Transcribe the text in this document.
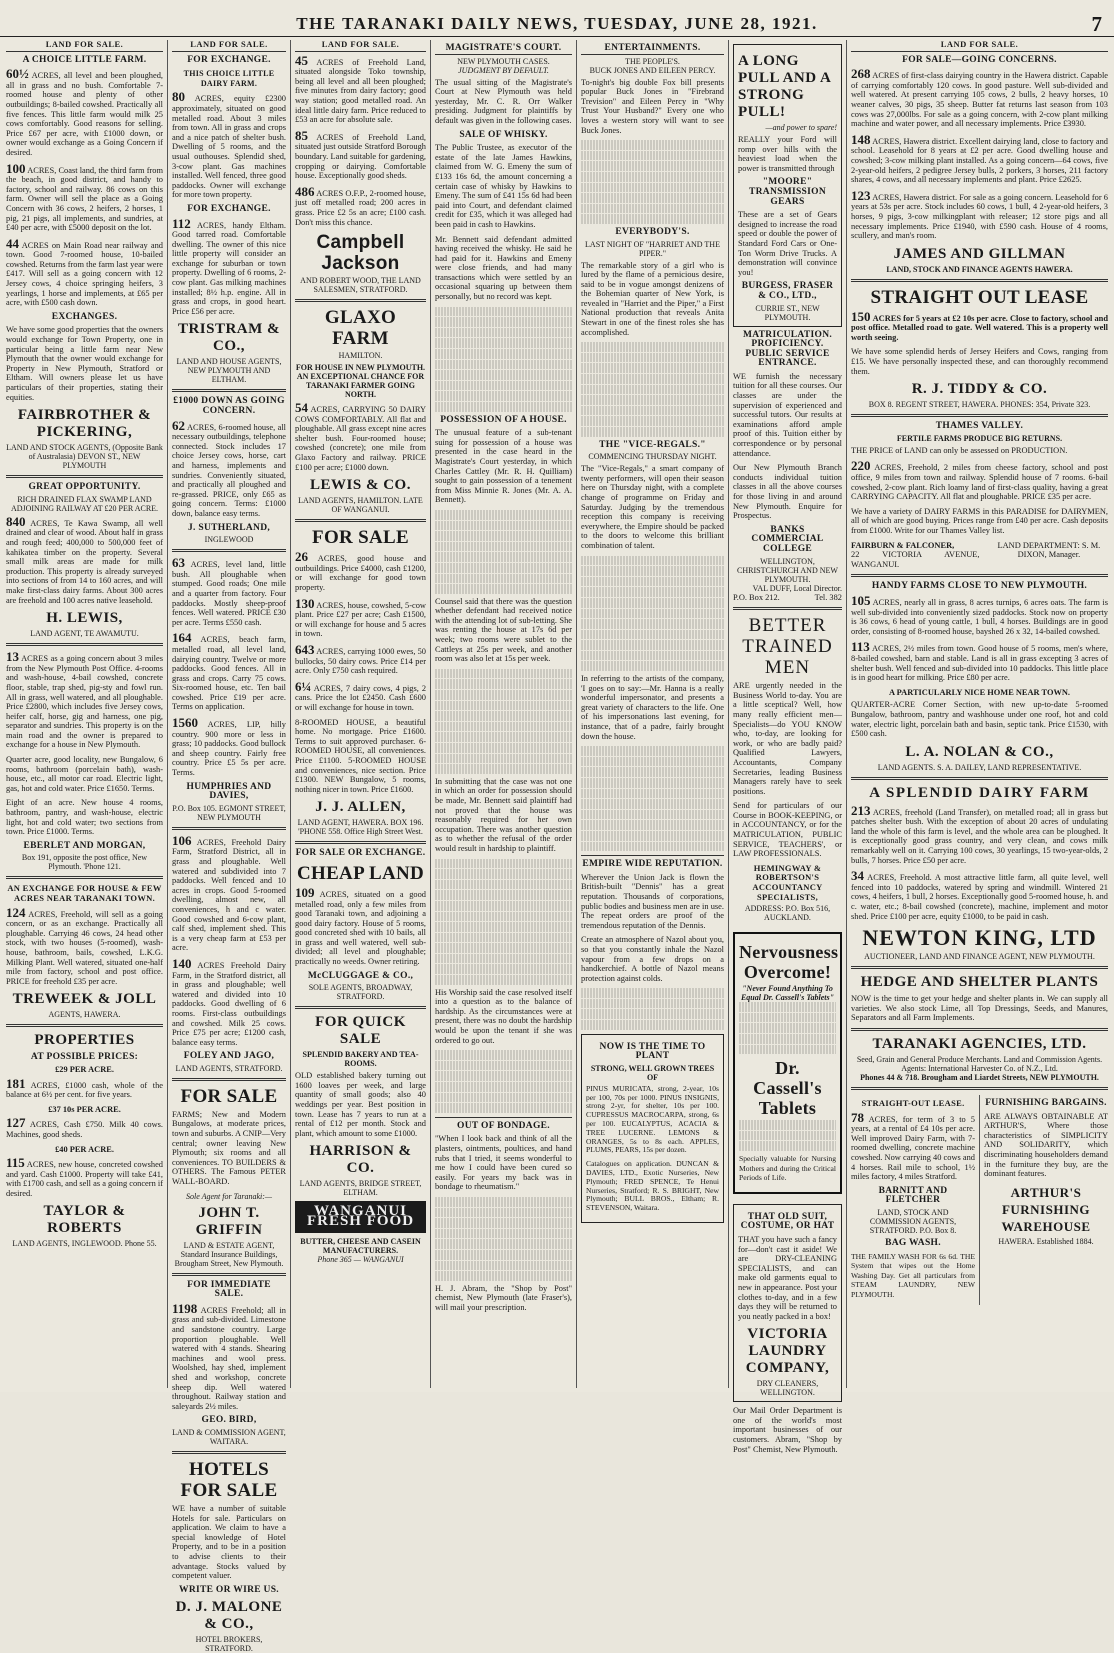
THE TARANAKI DAILY NEWS, TUESDAY, JUNE 28, 1921.	7
LAND FOR SALE.
A CHOICE LITTLE FARM.
60½ ACRES, all level and been ploughed, all in grass and no bush. Comfortable 7-roomed house and plenty of other outbuildings; 8-bailed cowshed. Practically all five fences. This little farm would milk 25 cows comfortably. Good reasons for selling. Price £67 per acre, with £1000 down, or owner would exchange as a Going Concern if desired.
100 ACRES, Coast land, the third farm from the beach, in good district, and handy to factory, school and railway. 86 cows on this farm. Owner will sell the place as a Going Concern with 36 cows, 2 heifers, 2 horses, 1 pig, 21 pigs, all implements, and sundries, at £40 per acre, with £5000 deposit on the lot.
44 ACRES on Main Road near railway and town. Good 7-roomed house, 10-bailed cowshed. Returns from the farm last year were £417. Will sell as a going concern with 12 Jersey cows, 4 choice springing heifers, 3 yearlings, 1 horse and implements, at £65 per acre, with £500 cash down.
EXCHANGES.
We have some good properties that the owners would exchange for Town Property, one in particular being a little farm near New Plymouth that the owner would exchange for Property in New Plymouth, Stratford or Eltham. Will owners please let us have particulars of their properties, stating their equities.
FAIRBROTHER & PICKERING,
LAND AND STOCK AGENTS, (Opposite Bank of Australasia) DEVON ST., NEW PLYMOUTH
GREAT OPPORTUNITY.
RICH DRAINED FLAX SWAMP LAND ADJOINING RAILWAY AT £20 PER ACRE.
840 ACRES, Te Kawa Swamp, all well drained and clear of wood. About half in grass and rough feed; 400,000 to 500,000 feet of kahikatea timber on the property. Several small milk areas are made for milk production. This property is already surveyed into sections of from 14 to 160 acres, and will make first-class dairy farms. About 300 acres are freehold and 100 acres native leasehold.
H. LEWIS,
LAND AGENT, TE AWAMUTU.
13 ACRES as a going concern about 3 miles from the New Plymouth Post Office. 4-rooms and wash-house, 4-bail cowshed, concrete floor, stable, trap shed, pig-sty and fowl run. All in grass, well watered, and all ploughable. Price £2800, which includes five Jersey cows, heifer calf, horse, gig and harness, one pig, separator and sundries. This property is on the main road and the owner is prepared to exchange for a house in New Plymouth.
Quarter acre, good locality, new Bungalow, 6 rooms, bathroom (porcelain bath), wash-house, etc., all motor car road. Electric light, gas, hot and cold water. Price £1650. Terms.
Eight of an acre. New house 4 rooms, bathroom, pantry, and wash-house, electric light, hot and cold water; two sections from town. Price £1000. Terms.
EBERLET AND MORGAN,
Box 191, opposite the post office, New Plymouth. 'Phone 121.
AN EXCHANGE FOR HOUSE & FEW ACRES NEAR TARANAKI TOWN.
124 ACRES, Freehold, will sell as a going concern, or as an exchange. Practically all ploughable. Carrying 46 cows, 24 head other stock, with two houses (5-roomed), wash-house, bathroom, bails, cowshed, L.K.G. Milking Plant. Well watered, situated one-half mile from factory, school and post office. PRICE for freehold £35 per acre.
TREWEEK & JOLL
AGENTS, HAWERA.
PROPERTIES
AT POSSIBLE PRICES:
£29 PER ACRE.
181 ACRES, £1000 cash, whole of the balance at 6½ per cent. for five years.
£37 10s PER ACRE.
127 ACRES, Cash £750. Milk 40 cows. Machines, good sheds.
£40 PER ACRE.
115 ACRES, new house, concreted cowshed and yard. Cash £1000. Property will take £41, with £1700 cash, and sell as a going concern if desired.
TAYLOR & ROBERTS
LAND AGENTS, INGLEWOOD. Phone 55.
LAND FOR SALE.
FOR EXCHANGE.
THIS CHOICE LITTLE DAIRY FARM.
80 ACRES, equity £2300 approximately, situated on good metalled road. About 3 miles from town. All in grass and crops and a nice patch of shelter bush. Dwelling of 5 rooms, and the usual outhouses. Splendid shed, 3-cow plant. Gas machines installed. Well fenced, three good paddocks. Owner will exchange for more town property.
FOR EXCHANGE.
112 ACRES, handy Eltham. Good tarred road. Comfortable dwelling. The owner of this nice little property will consider an exchange for suburban or town property. Dwelling of 6 rooms, 2-cow plant. Gas milking machines installed; 8½ h.p. engine. All in grass and crops, in good heart. Price £56 per acre.
TRISTRAM & CO.,
LAND AND HOUSE AGENTS, NEW PLYMOUTH AND ELTHAM.
£1000 DOWN AS GOING CONCERN.
62 ACRES, 6-roomed house, all necessary outbuildings, telephone connected. Stock includes 17 choice Jersey cows, horse, cart and harness, implements and sundries. Conveniently situated, and practically all ploughed and re-grassed. PRICE, only £65 as going concern. Terms: £1000 down, balance easy terms.
J. SUTHERLAND,
INGLEWOOD
63 ACRES, level land, little bush. All ploughable when stumped. Good roads; One mile and a quarter from factory. Four paddocks. Mostly sheep-proof fences. Well watered. PRICE £30 per acre. Terms £550 cash.
164 ACRES, beach farm, metalled road, all level land, dairying country. Twelve or more paddocks. Good fences. All in grass and crops. Carry 75 cows. Six-roomed house, etc. Ten bail cowshed. Price £19 per acre. Terms on application.
1560 ACRES, LIP, hilly country. 900 more or less in grass; 10 paddocks. Good bullock and sheep country. Fairly free country. Price £5 5s per acre. Terms.
HUMPHRIES AND DAVIES,
P.O. Box 105. EGMONT STREET, NEW PLYMOUTH
106 ACRES, Freehold Dairy Farm, Stratford District, all in grass and ploughable. Well watered and subdivided into 7 paddocks. Well fenced and 10 acres in crops. Good 5-roomed dwelling, almost new, all conveniences, h and c water. Good cowshed and 6-cow plant, calf shed, implement shed. This is a very cheap farm at £53 per acre.
140 ACRES Freehold Dairy Farm, in the Stratford district, all in grass and ploughable; well watered and divided into 10 paddocks. Good dwelling of 6 rooms. First-class outbuildings and cowshed. Milk 25 cows. Price £75 per acre; £1200 cash, balance easy terms.
FOLEY AND JAGO,
LAND AGENTS, STRATFORD.
FOR SALE
FARMS; New and Modern Bungalows, at moderate prices, town and suburbs. A CNIP—Very central; owner leaving New Plymouth; six rooms and all conveniences. TO BUILDERS & OTHERS. The Famous PETER WALL-BOARD.
Sole Agent for Taranaki:—
JOHN T. GRIFFIN
LAND & ESTATE AGENT, Standard Insurance Buildings, Brougham Street, New Plymouth.
FOR IMMEDIATE SALE.
1198 ACRES Freehold; all in grass and sub-divided. Limestone and sandstone country. Large proportion ploughable. Well watered with 4 stands. Shearing machines and wool press. Woolshed, hay shed, implement shed and workshop, concrete sheep dip. Well watered throughout. Railway station and saleyards 2½ miles.
GEO. BIRD,
LAND & COMMISSION AGENT, WAITARA.
HOTELS FOR SALE
WE have a number of suitable Hotels for sale. Particulars on application. We claim to have a special knowledge of Hotel Property, and to be in a position to advise clients to their advantage. Stocks valued by competent valuer.
WRITE OR WIRE US.
D. J. MALONE & CO.,
HOTEL BROKERS, STRATFORD.
LAND FOR SALE.
45 ACRES of Freehold Land, situated alongside Toko township, being all level and all been ploughed; five minutes from dairy factory; good way station; good metalled road. An ideal little dairy farm. Price reduced to £53 an acre for absolute sale.
85 ACRES of Freehold Land, situated just outside Stratford Borough boundary. Land suitable for gardening, cropping or dairying. Comfortable house. Exceptionally good sheds.
486 ACRES O.F.P., 2-roomed house, just off metalled road; 200 acres in grass. Price £2 5s an acre; £100 cash. Don't miss this chance.
Campbell Jackson
AND ROBERT WOOD, THE LAND SALESMEN, STRATFORD.
GLAXO FARM
HAMILTON.
FOR HOUSE IN NEW PLYMOUTH. AN EXCEPTIONAL CHANCE FOR TARANAKI FARMER GOING NORTH.
54 ACRES, CARRYING 50 DAIRY COWS COMFORTABLY. All flat and ploughable. All grass except nine acres shelter bush. Four-roomed house; cowshed (concrete); one mile from Glaxo Factory and railway. PRICE £100 per acre; £1000 down.
LEWIS & CO.
LAND AGENTS, HAMILTON. LATE OF WANGANUI.
FOR SALE
26 ACRES, good house and outbuildings. Price £4000, cash £1200, or will exchange for good town property.
130 ACRES, house, cowshed, 5-cow plant. Price £27 per acre; Cash £1500, or will exchange for house and 5 acres in town.
643 ACRES, carrying 1000 ewes, 50 bullocks, 50 dairy cows. Price £14 per acre. Only £750 cash required.
6¼ ACRES, 7 dairy cows, 4 pigs, 2 cans. Price the lot £2450. Cash £600 or will exchange for house in town.
8-ROOMED HOUSE, a beautiful home. No mortgage. Price £1600. Terms to suit approved purchaser. 6-ROOMED HOUSE, all conveniences. Price £1100. 5-ROOMED HOUSE and conveniences, nice section. Price £1300. NEW Bungalow, 5 rooms, nothing nicer in town. Price £1600.
J. J. ALLEN,
LAND AGENT, HAWERA. BOX 196. 'PHONE 558. Office High Street West.
FOR SALE OR EXCHANGE.
CHEAP LAND
109 ACRES, situated on a good metalled road, only a few miles from good Taranaki town, and adjoining a good dairy factory. House of 5 rooms, good concreted shed with 10 bails, all in grass and well watered, well sub-divided; all level and ploughable; practically no weeds. Owner retiring.
McCLUGGAGE & CO.,
SOLE AGENTS, BROADWAY, STRATFORD.
FOR QUICK SALE
SPLENDID BAKERY AND TEA-ROOMS.
OLD established bakery turning out 1600 loaves per week, and large quantity of small goods; also 40 weddings per year. Best position in town. Lease has 7 years to run at a rental of £12 per month. Stock and plant, which amount to some £1000.
HARRISON & CO.
LAND AGENTS, BRIDGE STREET, ELTHAM.
WANGANUI FRESH FOOD
BUTTER, CHEESE AND CASEIN MANUFACTURERS.
Phone 365 — WANGANUI
MAGISTRATE'S COURT.
NEW PLYMOUTH CASES.
JUDGMENT BY DEFAULT.

The usual sitting of the Magistrate's Court at New Plymouth was held yesterday, Mr. C. R. Orr Walker presiding. Judgment for plaintiffs by default was given in the following cases.

SALE OF WHISKY.

The Public Trustee, as executor of the estate of the late James Hawkins, claimed from W. G. Emeny the sum of £133 16s 6d, the amount concerning a certain case of whisky by Hawkins to Emeny. The sum of £41 15s 6d had been paid into Court, and defendant claimed credit for £35, which it was alleged had been paid in cash to Hawkins.

Mr. Bennett said defendant admitted having received the whisky. He said he had paid for it. Hawkins and Emeny were close friends, and had many transactions which were settled by an occasional squaring up between them personally, but no record was kept.

POSSESSION OF A HOUSE.

The unusual feature of a sub-tenant suing for possession of a house was presented in the case heard in the Magistrate's Court yesterday, in which Charles Cattley (Mr. R. H. Quilliam) sought to gain possession of a tenement from Miss Minnie R. Jones (Mr. A. A. Bennett).

Counsel said that there was the question whether defendant had received notice with the attending lot of sub-letting. She was renting the house at 17s 6d per week; two rooms were sublet to the Cattleys at 25s per week, and another room was also let at 15s per week.

In submitting that the case was not one in which an order for possession should be made, Mr. Bennett said plaintiff had not proved that the house was reasonably required for her own occupation. There was another question as to whether the refusal of the order would result in hardship to plaintiff.

His Worship said the case resolved itself into a question as to the balance of hardship. As the circumstances were at present, there was no doubt the hardship would be upon the tenant if she was ordered to go out.

OUT OF BONDAGE.

"When I look back and think of all the plasters, ointments, poultices, and hand rubs that I tried, it seems wonderful to me how I could have been cured so easily. For years my back was in bondage to rheumatism."

H. J. Abram, the "Shop by Post" chemist, New Plymouth (late Fraser's), will mail your prescription.

ENTERTAINMENTS.
THE PEOPLE'S.
BUCK JONES AND EILEEN PERCY.

To-night's big double Fox bill presents popular Buck Jones in "Firebrand Trevision" and Eileen Percy in "Why Trust Your Husband?" Every one who loves a western story will want to see Buck Jones.

EVERYBODY'S.
LAST NIGHT OF "HARRIET AND THE PIPER."

The remarkable story of a girl who is lured by the flame of a pernicious desire, said to be in vogue amongst denizens of the Bohemian quarter of New York, is revealed in "Harriet and the Piper," a First National production that reveals Anita Stewart in one of the finest roles she has accomplished.

THE "VICE-REGALS."
COMMENCING THURSDAY NIGHT.

The "Vice-Regals," a smart company of twenty performers, will open their season here on Thursday night, with a complete change of programme on Friday and Saturday. Judging by the tremendous reception this company is receiving everywhere, the Empire should be packed to the doors to welcome this brilliant combination of talent.

In referring to the artists of the company, 'I goes on to say:—Mr. Hanna is a really wonderful impersonator, and presents a great variety of characters to the life. One of his impersonations last evening, for instance, that of a padre, fairly brought down the house.

EMPIRE WIDE REPUTATION.

Wherever the Union Jack is flown the British-built "Dennis" has a great reputation. Thousands of corporations, public bodies and business men are in use. The repeat orders are proof of the tremendous reputation of the Dennis.

Create an atmosphere of Nazol about you, so that you constantly inhale the Nazol vapour from a few drops on a handkerchief. A bottle of Nazol means protection against colds.

NOW IS THE TIME TO PLANT
STRONG, WELL GROWN TREES OF

PINUS MURICATA, strong, 2-year, 10s per 100, 70s per 1000. PINUS INSIGNIS, strong 2-yr, for shelter, 10s per 100. CUPRESSUS MACROCARPA, strong, 6s per 100. EUCALYPTUS, ACACIA & TREE LUCERNE. LEMONS & ORANGES, 5s to 8s each. APPLES, PLUMS, PEARS, 15s per dozen.

Catalogues on application. DUNCAN & DAVIES, LTD., Exotic Nurseries, New Plymouth; FRED SPENCE, Te Henui Nurseries, Stratford; R. S. BRIGHT, New Plymouth; BULL BROS., Eltham; R. STEVENSON, Waitara.

A LONG PULL AND A STRONG PULL!
—and power to spare!

REALLY your Ford will romp over hills with the heaviest load when the power is transmitted through

"MOORE" TRANSMISSION GEARS

These are a set of Gears designed to increase the road speed or double the power of Standard Ford Cars or One-Ton Worm Drive Trucks. A demonstration will convince you!

BURGESS, FRASER & CO., LTD.,
CURRIE ST., NEW PLYMOUTH.
MATRICULATION. PROFICIENCY. PUBLIC SERVICE ENTRANCE.

WE furnish the necessary tuition for all these courses. Our classes are under the supervision of experienced and successful tutors. Our results at examinations afford ample proof of this. Tuition either by correspondence or by personal attendance.

Our New Plymouth Branch conducts individual tuition classes in all the above courses for those living in and around New Plymouth. Enquire for Prospectus.

BANKS COMMERCIAL COLLEGE
WELLINGTON, CHRISTCHURCH AND NEW PLYMOUTH.
VAL DUFF, Local Director.
P.O. Box 212.	Tel. 382
BETTER TRAINED MEN

ARE urgently needed in the Business World to-day. You are a little sceptical? Well, how many really efficient men—Specialists—do YOU KNOW who, to-day, are looking for work, or who are badly paid? Qualified Lawyers, Accountants, Company Secretaries, leading Business Managers rarely have to seek positions.

Send for particulars of our Course in BOOK-KEEPING, or in ACCOUNTANCY, or for the MATRICULATION, PUBLIC SERVICE, TEACHERS', or LAW PROFESSIONALS.

HEMINGWAY & ROBERTSON'S ACCOUNTANCY SPECIALISTS,
ADDRESS: P.O. Box 516, AUCKLAND.
Nervousness Overcome!
"Never Found Anything To Equal Dr. Cassell's Tablets"
Dr. Cassell's Tablets

Specially valuable for Nursing Mothers and during the Critical Periods of Life.

THAT OLD SUIT, COSTUME, OR HAT

THAT you have such a fancy for—don't cast it aside! We are DRY-CLEANING SPECIALISTS, and can make old garments equal to new in appearance. Post your clothes to-day, and in a few days they will be returned to you neatly packed in a box!

VICTORIA LAUNDRY COMPANY,
DRY CLEANERS, WELLINGTON.

Our Mail Order Department is one of the world's most important businesses of our customers. Abram, "Shop by Post" Chemist, New Plymouth.

LAND FOR SALE.
FOR SALE—GOING CONCERNS.
268 ACRES of first-class dairying country in the Hawera district. Capable of carrying comfortably 120 cows. In good pasture. Well sub-divided and well watered. At present carrying 105 cows, 2 bulls, 2 heavy horses, 10 weaner calves, 30 pigs, 35 sheep. Butter fat returns last season from 103 cows was 27,000lbs. For sale as a going concern, with 2-cow plant milking machine and water power, and all necessary implements. Price £3930.
148 ACRES, Hawera district. Excellent dairying land, close to factory and school. Leasehold for 8 years at £2 per acre. Good dwelling house and cowshed; 3-cow milking plant installed. As a going concern—64 cows, five 2-year-old heifers, 2 pedigree Jersey bulls, 2 porkers, 3 horses, 211 factory shares, 4 cows, and all necessary implements and plant. Price £2625.
123 ACRES, Hawera district. For sale as a going concern. Leasehold for 6 years at 53s per acre. Stock includes 60 cows, 1 bull, 4 2-year-old heifers, 3 horses, 9 pigs, 3-cow milkingplant with releaser; 12 store pigs and all necessary implements. Price £1940, with £590 cash. House of 4 rooms, scullery, and man's room.
JAMES AND GILLMAN
LAND, STOCK AND FINANCE AGENTS HAWERA.
STRAIGHT OUT LEASE
150 ACRES for 5 years at £2 10s per acre. Close to factory, school and post office. Metalled road to gate. Well watered. This is a property well worth seeing.

We have some splendid herds of Jersey Heifers and Cows, ranging from £15. We have personally inspected these, and can thoroughly recommend them.

R. J. TIDDY & CO.
BOX 8. REGENT STREET, HAWERA. PHONES: 354, Private 323.
THAMES VALLEY.
FERTILE FARMS PRODUCE BIG RETURNS.

THE PRICE of LAND can only be assessed on PRODUCTION.

220 ACRES, Freehold, 2 miles from cheese factory, school and post office, 9 miles from town and railway. Splendid house of 7 rooms. 6-bail cowshed, 2-cow plant. Rich loamy land of first-class quality, having a great CARRYING CAPACITY. All flat and ploughable. PRICE £35 per acre.

We have a variety of DAIRY FARMS in this PARADISE for DAIRYMEN, all of which are good buying. Prices range from £40 per acre. Cash deposits from £1000. Write for our Thames Valley list.

FAIRBURN & FALCONER,
22 VICTORIA AVENUE, WANGANUI.
LAND DEPARTMENT: S. M. DIXON, Manager.
HANDY FARMS CLOSE TO NEW PLYMOUTH.
105 ACRES, nearly all in grass, 8 acres turnips, 6 acres oats. The farm is well sub-divided into conveniently sized paddocks. Stock now on property is 36 cows, 6 head of young cattle, 1 bull, 4 horses. Buildings are in good order, consisting of 8-roomed house, bayshed 26 x 32, 14-bailed cowshed.
113 ACRES, 2½ miles from town. Good house of 5 rooms, men's where, 8-bailed cowshed, barn and stable. Land is all in grass excepting 3 acres of shelter bush. Well fenced and sub-divided into 10 paddocks. This little place is in good heart for milking. Price £80 per acre.
A PARTICULARLY NICE HOME NEAR TOWN.

QUARTER-ACRE Corner Section, with new up-to-date 5-roomed Bungalow, bathroom, pantry and washhouse under one roof, hot and cold water, electric light, porcelain bath and basin, septic tank. Price £1530, with £500 cash.

L. A. NOLAN & CO.,
LAND AGENTS. S. A. DAILEY, LAND REPRESENTATIVE.
A SPLENDID DAIRY FARM
213 ACRES, freehold (Land Transfer), on metalled road; all in grass but patches shelter bush. With the exception of about 20 acres of undulating land the whole of this farm is level, and the whole area can be ploughed. It is exceptionally good grass country, and very clean, and cows milk remarkably well on it. Carrying 100 cows, 30 yearlings, 15 two-year-olds, 2 bulls, 7 horses. Price £50 per acre.
34 ACRES, Freehold. A most attractive little farm, all quite level, well fenced into 10 paddocks, watered by spring and windmill. Wintered 21 cows, 4 heifers, 1 bull, 2 horses. Exceptionally good 5-roomed house, h. and c. water, etc.; 8-bail cowshed (concrete), machine, implement and motor shed. Price £100 per acre, equity £1000, to be paid in cash.
NEWTON KING, LTD
AUCTIONEER, LAND AND FINANCE AGENT, NEW PLYMOUTH.
HEDGE AND SHELTER PLANTS

NOW is the time to get your hedge and shelter plants in. We can supply all varieties. We also stock Lime, all Top Dressings, Seeds, and Manures, Separators and all Farm Implements.

TARANAKI AGENCIES, LTD.
Seed, Grain and General Produce Merchants. Land and Commission Agents. Agents: International Harvester Co. of N.Z., Ltd.
Phones 44 & 718. Brougham and Liardet Streets, NEW PLYMOUTH.
STRAIGHT-OUT LEASE.
78 ACRES, for term of 3 to 5 years, at a rental of £4 10s per acre. Well improved Dairy Farm, with 7-roomed dwelling, concrete machine cowshed. Now carrying 40 cows and 4 horses. Rail mile to school, 1½ miles factory, 4 miles Stratford.
BARNITT AND FLETCHER
LAND, STOCK AND COMMISSION AGENTS, STRATFORD. P.O. Box 8.
BAG WASH.

THE FAMILY WASH FOR 6s 6d. THE System that wipes out the Home Washing Day. Get all particulars from STEAM LAUNDRY, NEW PLYMOUTH.

FURNISHING BARGAINS.

ARE ALWAYS OBTAINABLE AT ARTHUR'S, Where those characteristics of SIMPLICITY AND SOLIDARITY, which discriminating householders demand in the furniture they buy, are the dominant features.

ARTHUR'S FURNISHING WAREHOUSE
HAWERA. Established 1884.
